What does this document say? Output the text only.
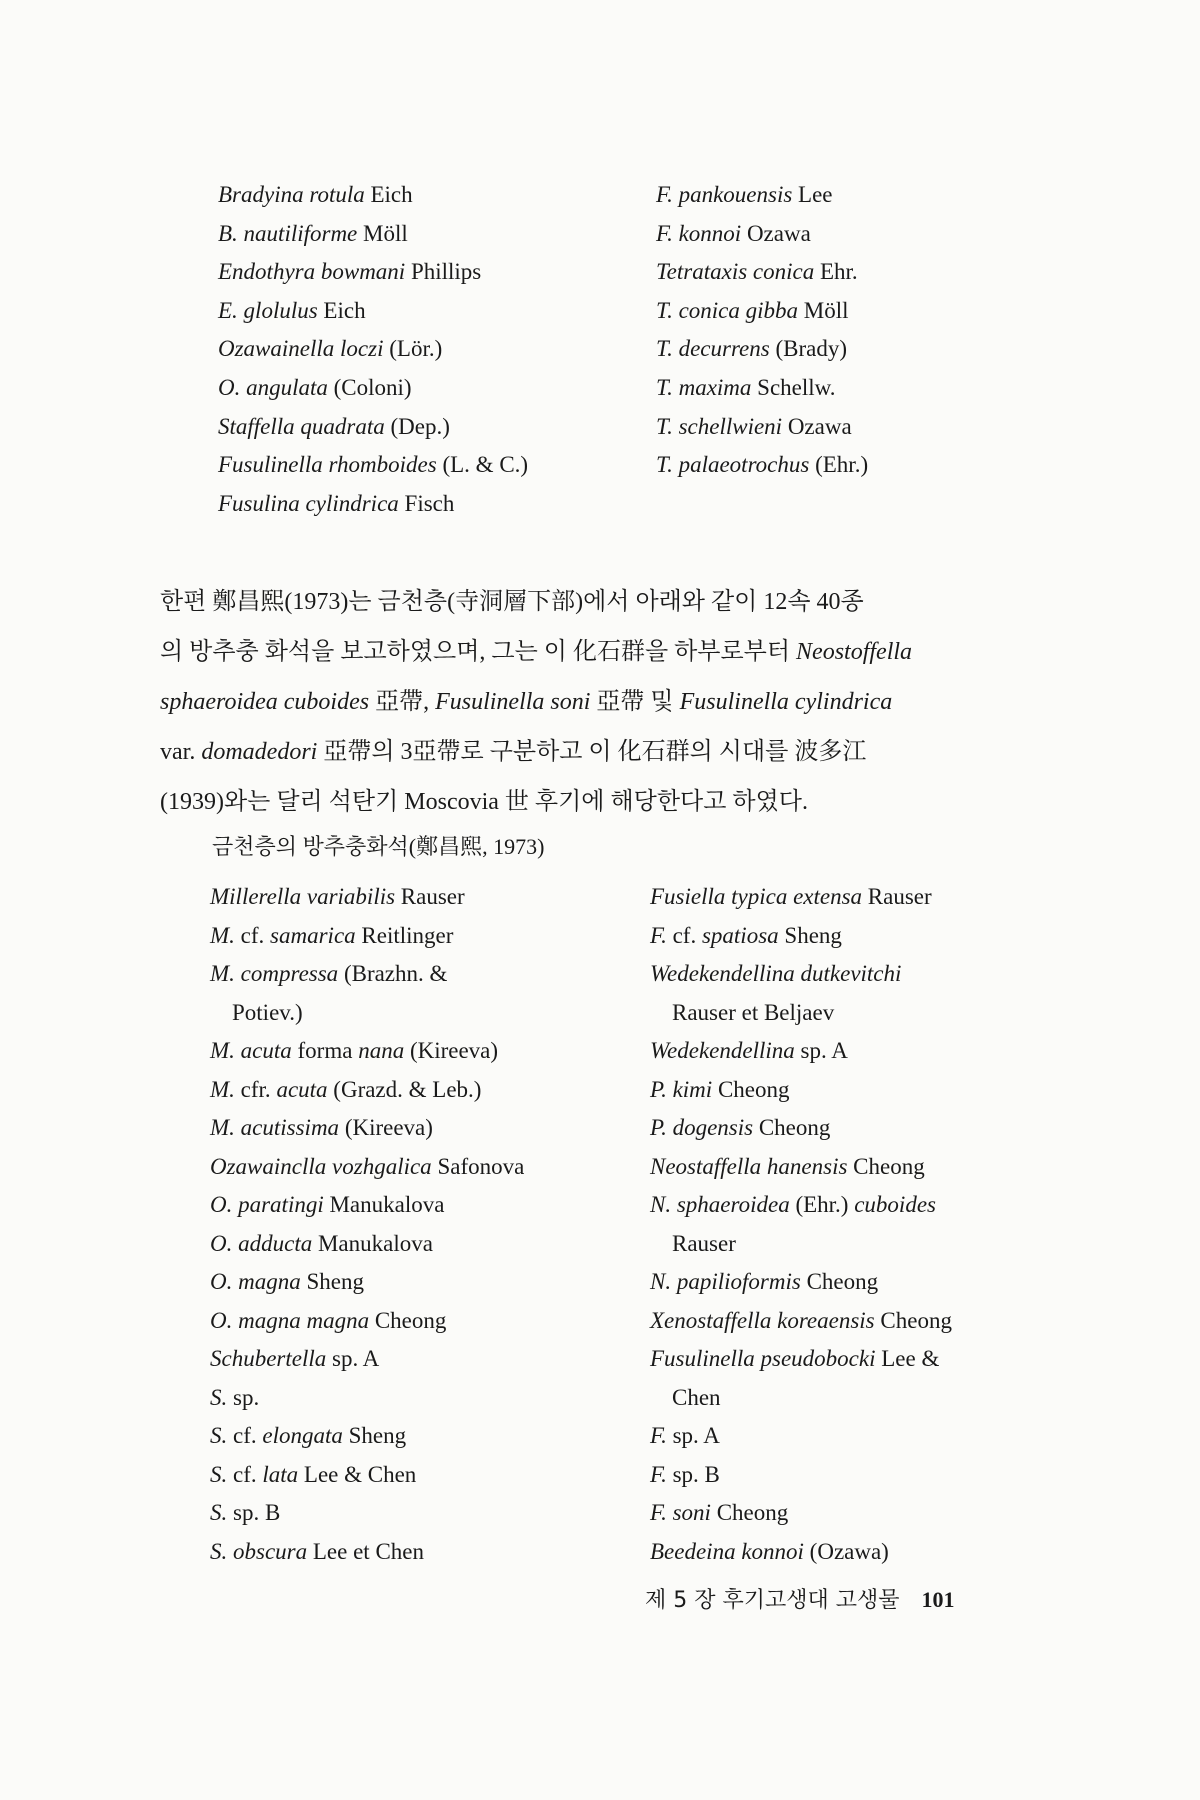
Bradyina rotula Eich
B. nautiliforme Möll
Endothyra bowmani Phillips
E. glolulus Eich
Ozawainella loczi (Lör.)
O. angulata (Coloni)
Staffella quadrata (Dep.)
Fusulinella rhomboides (L. & C.)
Fusulina cylindrica Fisch
F. pankouensis Lee
F. konnoi Ozawa
Tetrataxis conica Ehr.
T. conica gibba Möll
T. decurrens (Brady)
T. maxima Schellw.
T. schellwieni Ozawa
T. palaeotrochus (Ehr.)
한편 鄭昌熙(1973)는 금천층(寺洞層下部)에서 아래와 같이 12속 40종
의 방추충 화석을 보고하였으며, 그는 이 化石群을 하부로부터 Neostoffella
sphaeroidea cuboides 亞帶, Fusulinella soni 亞帶 및 Fusulinella cylindrica
var. domadedori 亞帶의 3亞帶로 구분하고 이 化石群의 시대를 波多江
(1939)와는 달리 석탄기 Moscovia 世 후기에 해당한다고 하였다.
금천층의 방추충화석(鄭昌熙, 1973)
Millerella variabilis Rauser
M. cf. samarica Reitlinger
M. compressa (Brazhn. &
Potiev.)
M. acuta forma nana (Kireeva)
M. cfr. acuta (Grazd. & Leb.)
M. acutissima (Kireeva)
Ozawainclla vozhgalica Safonova
O. paratingi Manukalova
O. adducta Manukalova
O. magna Sheng
O. magna magna Cheong
Schubertella sp. A
S. sp.
S. cf. elongata Sheng
S. cf. lata Lee & Chen
S. sp. B
S. obscura Lee et Chen
Fusiella typica extensa Rauser
F. cf. spatiosa Sheng
Wedekendellina dutkevitchi
Rauser et Beljaev
Wedekendellina sp. A
P. kimi Cheong
P. dogensis Cheong
Neostaffella hanensis Cheong
N. sphaeroidea (Ehr.) cuboides
Rauser
N. papilioformis Cheong
Xenostaffella koreaensis Cheong
Fusulinella pseudobocki Lee &
Chen
F. sp. A
F. sp. B
F. soni Cheong
Beedeina konnoi (Ozawa)
제 5 장 후기고생대 고생물 101
